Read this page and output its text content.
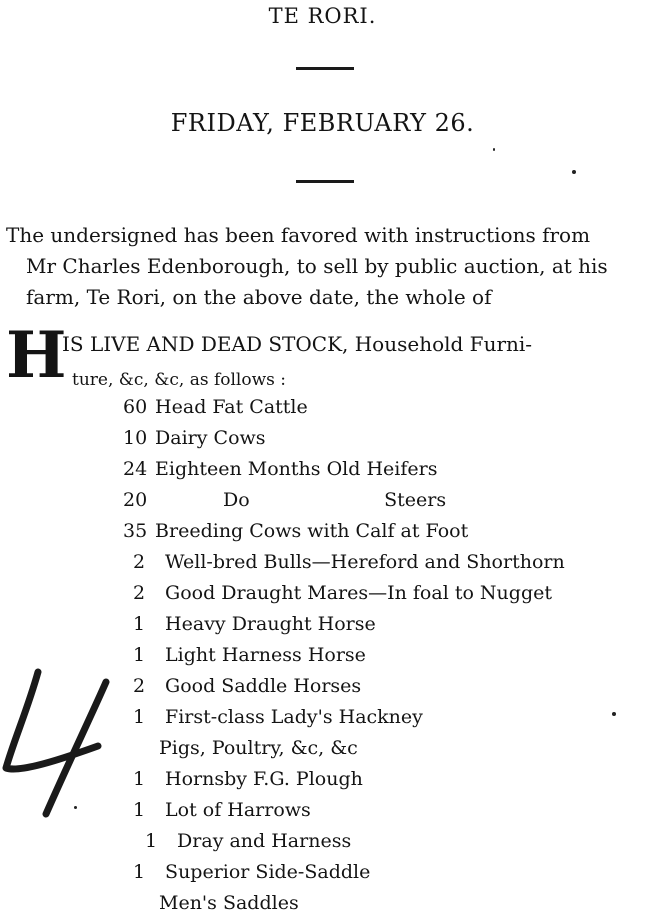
TE RORI.
FRIDAY, FEBRUARY 26.
The undersigned has been favored with instructions from
Mr Charles Edenborough, to sell by public auction, at his
farm, Te Rori, on the above date, the whole of
H
IS LIVE AND DEAD STOCK, Household Furni-
ture, &c, &c, as follows :
60 Head Fat Cattle
10 Dairy Cows
24 Eighteen Months Old Heifers
20	Do	Steers
35 Breeding Cows with Calf at Foot
2 Well-bred Bulls—Hereford and Shorthorn
2 Good Draught Mares—In foal to Nugget
1 Heavy Draught Horse
1 Light Harness Horse
2 Good Saddle Horses
1 First-class Lady's Hackney
Pigs, Poultry, &c, &c
1 Hornsby F.G. Plough
1 Lot of Harrows
1 Dray and Harness
1 Superior Side-Saddle
Men's Saddles
